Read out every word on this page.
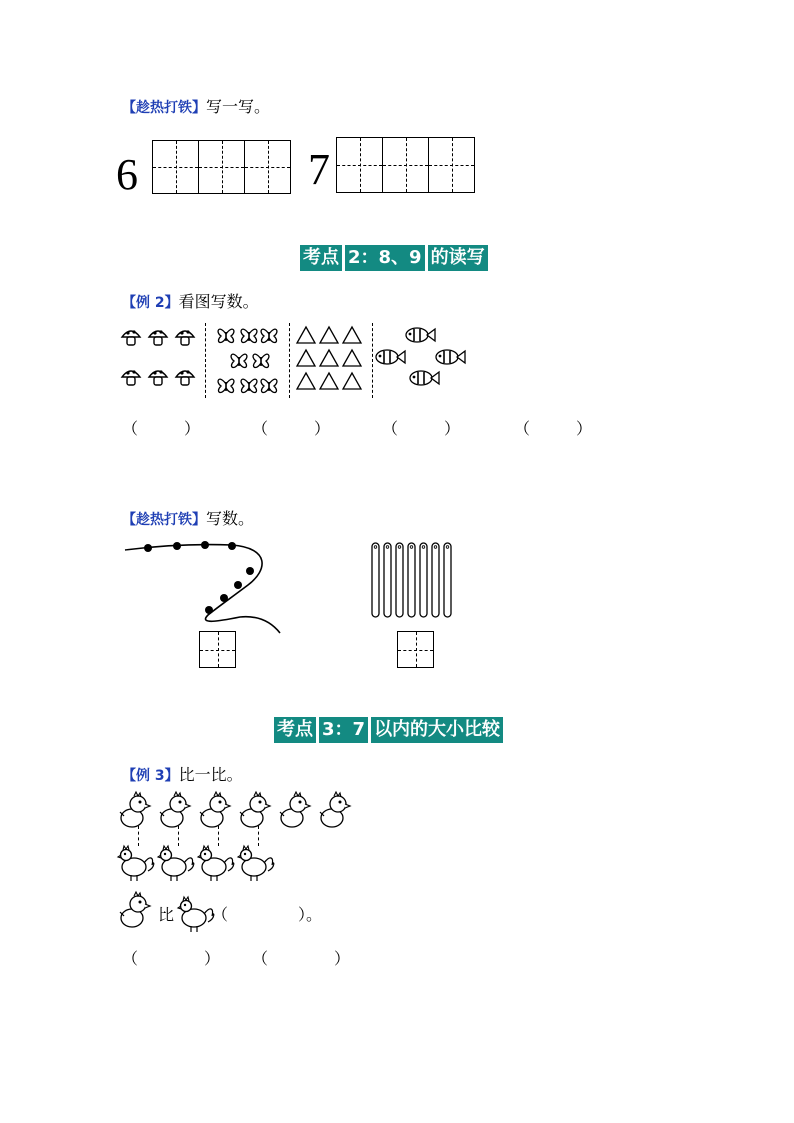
【趁热打铁】写一写。
6	7
考点 2：8、9 的读写
【例 2】看图写数。
（	）	（	）	（	）	（	）
【趁热打铁】写数。
考点 3：7 以内的大小比较
【例 3】比一比。
比 （	）。
（	） （	）
